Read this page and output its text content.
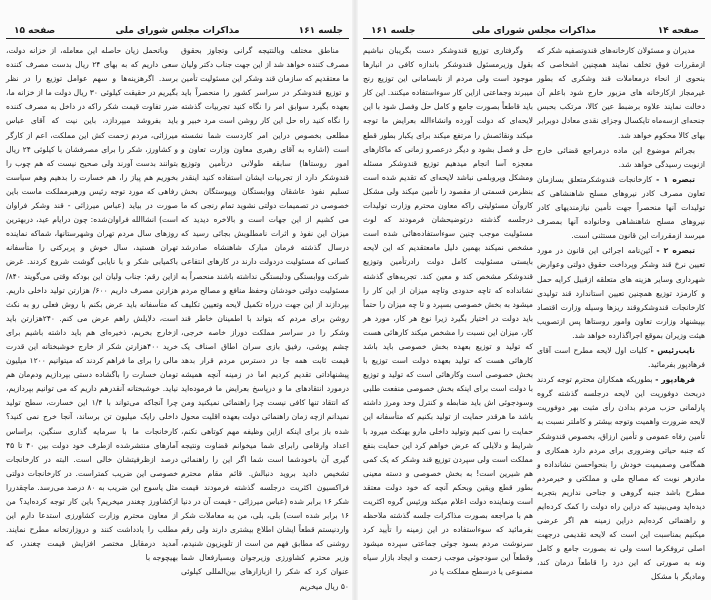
صفحه ۱۵	مذاکرات مجلس شورای ملی	جلسه ۱۶۱

مناطق مختلف وبالنتیجه گرانی وتجاوز بحقوق مصرف کننده خواهد شد از این جهت جناب دکتر ولیان ما معتقدیم که سازمان قند وشکر این مسئولیت تأمین و توزیع قندوشکر در سراسر کشور را منحصراً باید بعهده بگیرد سوابق امر را نگاه کنید تجربیات گذشته را نگاه کنید راه حل این کار روشن است مرد خبیر و مطلعی بخصوص دراین امر کاردست شما نشسته است (اشاره به آقای رهبری معاون وزارت تعاون و امور روستاها) سابقه طولانی درتأمین وتوزیع قندوشکر دارد از تجربیات ایشان استفاده کنید اینقدر تسلیم نفوذ عاشقان ووابستگان وپیوستگان بخش خصوصی در تصمیمات دولتی نشوید تمام رنجی که ما می کشیم از این جهات است و بالاخره دیدید که میزان این نفوذ و اثرات نامطلوبش بجائی رسید که درسال گذشته فرمان مبارک شاهنشاه صادرشد کسانی که مسئولیت دردولت دارند در کارهای انتفاعی شرکت ووابستگی ودلبستگی نداشته باشند منحصراً به مسئولیت دولتی خودشان وحفظ منافع و مصالح مردم بپردازند از این جهت درراه تکمیل لایحه وتعیین تکلیف روشن برای مردم که بتواند با اطمینان خاطر قند وشکر را در سراسر مملکت دوراز خاصه خرجی، چشم پوشی، رفیق بازی سران اطاق اصناف یک قیمت ثابت همه جا در دسترس مردم قرار بدهد پیشنهاداتی تقدیم کردیم اما در زمینه آنچه همیشه درمورد انتقادهای ما و درپاسخ بعرایض ما فرموده‌اید که انتقاد تنها کافی نیست چرا راهنمائی نمیکنید ومن نمیدانم ازچه زمان راهنمائی دولت بعهده اقلیت محول شده باز برای اینکه ازاین وظیفه مهم کوتاهی نکنم، اعداد وارقامی رابرای شما میخوانم قضاوت ونتیجه گیری آن باخودشما است شما اگر این را راهنمائی تشخیص دادید بروید دنبالش. قائم مقام محترم فراکسیون اکثریت درجلسه گذشته فرمودند قیمت شکر ۱۶ برابر شده (عباس میرزائی - قیمت آن در دنیا ۱۶ برابر شده است) بلی، بلی، من به معاملات شکر واردنیستم قطعاً ایشان اطلاع بیشتری دارند ولی رقم روشنی که مطابق فهم من است از تلویزیون شنیدم، وزیر محترم کشاورزی وزیرجوان وبسیارفعال شما عنوان کرد که شکر را ازبازارهای بین‌المللی کیلوئی ۵۰ ریال میخریم

وباتحمل زیان حاصله این معامله، از خزانه دولت، سعی داریم که به بهای ۲۴ ریال بدست مصرف کننده برسد. اگرهزینه‌ها و سهم عوامل توزیع را در نظر بگیریم در حقیقت کیلوئی ۳۰ ریال دولت ما از خزانه ما، ضرر تفاوت قیمت شکر راکه در داخل به مصرف کننده باید بفروشد میپردازد، باین نیت که آقای عباس میرزائی، مردم زحمت کش این مملکت، اعم از کارگر و کشاورز، شکر را برای مصرفشان با کیلوئی ۲۴ ریال بتوانند بدست آورند ولی صحیح نیست که هم چوب را بخوریم هم پیاز را، هم خسارت را بدهیم وهم سیاست رفاهی که مورد توجه رئیس ورهبرمملکت ماست باین صورت در بیاید (عباس میرزائی - قند وشکر فراوان است) انشاالله فراوان‌شده: چون درایام عید، دربهترین روزهای سال مردم تهران وشهرستانها، شماکه نماینده تهران هستید، سال خوش و پربرکتی را متأسفانه باکمیابی شکر و با نایابی گوشت شروع کردند. غرض ازاین رقم: جناب ولیان این بودکه وقتی می‌گویند ۸۴۰/ هزارتن مصرف داریم ۶۰۰/ هزارتن تولید داخلی داریم. که متأسفانه باید عرض بکنم با روش فعلی رو به نکث است، دلایلش راهم عرض می کنم. ۲۴۰هزارتن باید ازخارج بخریم، ذخیره‌ای هم باید داشته باشیم برای خرید ۴۰۰هزارتن شکر از خارج خوشبختانه این قدرت مالی را برای ما فراهم کردند که میتوانیم ۱۲۰۰ میلیون تومان خسارت را باگشاده دستی بپردازیم ودم‌مان هم نیاید. خوشبختانه آنقدرهم داریم که می توانیم بپردازیم، چرا آنجاکه می‌تواند با ۱/۴ این خسارت، سطح تولید داخلی رایک میلیون تن برساند، آنجا خرج نمی کنید؟ کارخانجات ما با سرمایه گذاری سنگین، براساس آمارهای منتشرشده ازطرف خود دولت بین ۴۰ تا ۴۵ درصد ازظرفیتشان خالی است. البته در کارخانجات خصوصی این ضریب کمتراست. در کارخانجات دولتی مثل یاسوج این ضریب به ۸۰ درصد می‌رسد. ماچقدررا ازکشاورز چغندر میخریم؟ باین کار توجه کرده‌اید؟ من از معاون محترم وزارت کشاورزی استدعا دارم این مطلب را یادداشت کنند و دروزارتخانه مطرح نمایند. آمدید درمقابل مختصر افزایش قیمت چغندر، که بهیچوجه با

جلسه ۱۶۱	مذاکرات مجلس شورای ملی	صفحه ۱۴

مدیران و مسئولان کارخانه‌های قندوتصفیه شکر که ازمقررات فوق تخلف نمایند همچنین اشخاصی که بنحوی از انحاء درمعاملات قند وشکری که بطور غیرمجاز ازکارخانه های مزبور خارج شود باعلم آن دخالت نمایند علاوه برضبط عین کالا، مرتکب بحبس جنحه‌ای ازسه‌ماه تایکسال وجزای نقدی معادل دوبرابر بهای کالا محکوم خواهد شد.

بجرائم موضوع این ماده درمراجع قضائی خارج ازنوبت رسیدگی خواهد شد.

تبصره ۱ - کارخانجات قندوشکرمتعلق بسازمان تعاون مصرف کادر نیروهای مسلح شاهنشاهی که تولیدات آنها منحصراً جهت تأمین نیازمندیهای کادر نیروهای مسلح شاهنشاهی وخانواده آنها بمصرف میرسد ازمقررات این قانون مستثنی است.

تبصره ۲ - آئین‌نامه اجرائی این قانون در مورد تعیین نرخ قند وشکر وپرداخت حقوق دولتی وعوارض شهرداری وسایر هزینه های متعلقه ازقبیل کرایه حمل و کارمزد توزیع همچنین تعیین استاندارد قند تولیدی کارخانجات قندوشکروقند ریزها وسیله وزارت اقتصاد بپیشنهاد وزارت تعاون وامور روستاها پس ازتصویب هیئت وزیران بموقع اجراگذارده خواهد شد.

نایب‌رئیس - کلیات اول لایحه مطرح است آقای فرهادپور بفرمائید.

فرهادپور - بطوریکه همکاران محترم توجه کردند دربحث دوفوریت این لایحه درجلسه گذشته گروه پارلمانی حزب مردم بدادن رأی مثبت بهر دوفوریت لایحه ضرورت واهمیت وتوجه بیشتر و کاملتر نسبت به تأمین رفاه عمومی و تأمین ارزاق، بخصوص قندوشکر که جنبه حیاتی وضروری برای مردم دارد همکاری و همگامی وصمیمیت خودش را بنحواحسن نشانداده و مادرهر نوبت که مصالح ملی و مملکتی و خیرمردم مطرح باشد جنبه گروهی و جناحی نداریم بتجربه دیده‌اید ومی‌بینید که دراین راه دولت را کمک کرده‌ایم و راهنمائی کرده‌ایم دراین زمینه هم اگر عرضی میکنیم بمناسبت این است که لایحه تقدیمی درجهت اصلی تروفکرما است ولی نه بصورت جامع و کامل ونه به صورتی که این درد را قاطعاً درمان کند، ومادیگر با مشکل

وگرفتاری توزیع قندوشکر دست بگریبان نباشیم بقول وزیرمسئول قندوشکر باندازه کافی در انبارها موجود است ولی مردم از نابسامانی این توزیع رنج میبرند وجماعتی ازاین کار سوءاستفاده میکنند. این کار باید قاطعاً بصورت جامع و کامل حل وفصل شود با این لایحه‌ای که دولت آورده وانشاءالله بعرایض ما توجه میکند ونقائصش را مرتفع میکند برای یکبار بطور قطع حل و فصل بشود و دیگر درعصرو زمانی که ماکارهای معجزه آسا انجام میدهیم توزیع قندوشکر مسئله ومشکل وپروبلمی نباشد لایحه‌ای که تقدیم شده است بنظرمن قسمتی از مقصود را تأمین میکند ولی مشکل کاروآن مسئولیتی راکه معاون محترم وزارت تولیدات درجلسه گذشته درتوضیحشان فرمودند که لوث مسئولیت موجب چنین سوءاستفاده‌هائی شده است مشخص نمیکند بهمین دلیل مامعتقدیم که این لایحه بایستی مسئولیت کامل دولت رادرتأمین وتوزیع قندوشکر مشخص کند و معین کند. تجربه‌های گذشته نشانداده که تاچه حدودی وتاچه میزان از این کار را میشود به بخش خصوصی بسپرد و تا چه میزان را حتماً باید دولت در اختیار بگیرد زیرا نوع هر کار، مورد هر کار، میزان این نسبت را مشخص میکند کارهائی هست که تولید و توزیع بعهده بخش خصوصی باید باشد کارهائی هست که تولید بعهده دولت است توزیع با بخش خصوصی است وکارهائی است که تولید و توزیع با دولت است برای اینکه بخش خصوصی منفعت طلبی وسودجوئی اش باید ضابطه و کنترل وحد ومرز داشته باشد ما هرقدر حمایت از تولید بکنیم که متأسفانه این حمایت را نمی کنیم وتولید داخلی مارو بهنکث میرود با شرایط و دلایلی که عرض خواهم کرد این حمایت بنفع مملکت است ولی سپردن توزیع قند وشکر که یک کمی هم شیرین است! به بخش خصوصی و دسته معینی بطور قطع ویقین وبحکم آنچه که خود دولت معتقد است ونماینده دولت اعلام میکند ورئیس گروه اکثریت هم با مراجعه بصورت مذاکرات جلسه گذشته ملاحظه بفرمائید که سوءاستفاده در این زمینه را تأیید کرد سرنوشت مردم بسود جوئی جماعتی سپرده میشود وقطعاً این سودجوئی موجب زحمت و ایجاد بازار سیاه مصنوعی یا درسطح مملکت یا در
